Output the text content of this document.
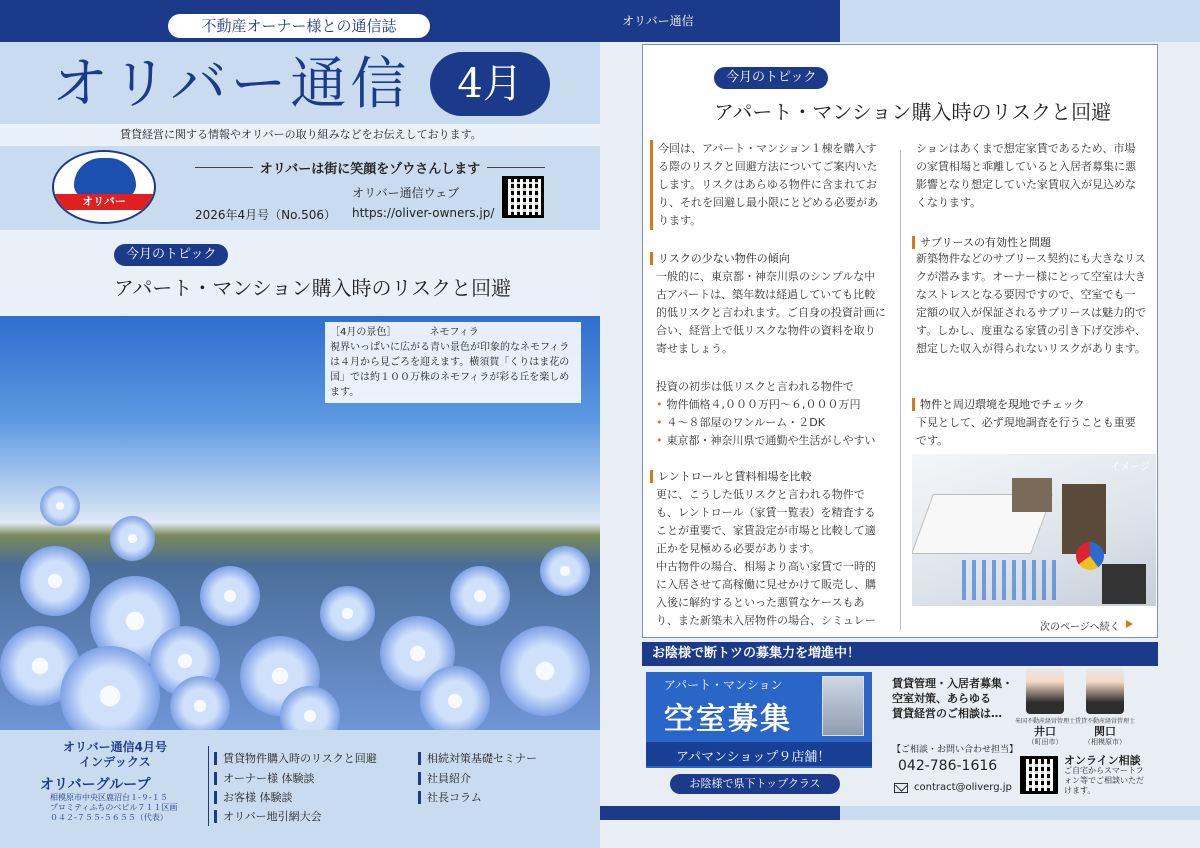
不動産オーナー様との通信誌
オリバー通信	4月
賃貸経営に関する情報やオリバーの取り組みなどをお伝えしております。
オリバー
オリバーは街に笑顔をゾウさんします
オリバー通信ウェブ
2026年4月号（No.506） https://oliver-owners.jp/
今月のトピック
アパート・マンション購入時のリスクと回避
［4月の景色］	ネモフィラ
視界いっぱいに広がる青い景色が印象的なネモフィラは４月から見ごろを迎えます。横須賀「くりはま花の国」では約１００万株のネモフィラが彩る丘を楽しめます。
オリバー通信4月号
インデックス
オリバーグループ
相模原市中央区鹿沼台１-９-１５
プロミティふちのべビル７１１区画
０４２-７５５-５６５５（代表）
賃貸物件購入時のリスクと回避
オーナー様 体験談
お客様 体験談
オリバー地引網大会
相続対策基礎セミナー
社員紹介
社長コラム
オリバー通信
今月のトピック
アパート・マンション購入時のリスクと回避
今回は、アパート・マンション１棟を購入する際のリスクと回避方法についてご案内いたします。リスクはあらゆる物件に含まれており、それを回避し最小限にとどめる必要があります。
リスクの少ない物件の傾向
一般的に、東京都・神奈川県のシンプルな中古アパートは、築年数は経過していても比較的低リスクと言われます。ご自身の投資計画に合い、経営上で低リスクな物件の資料を取り寄せましょう。
投資の初歩は低リスクと言われる物件で
• 物件価格４,０００万円〜６,０００万円
• ４〜８部屋のワンルーム・２DK
• 東京都・神奈川県で通勤や生活がしやすい
レントロールと賃料相場を比較
更に、こうした低リスクと言われる物件でも、レントロール（家賃一覧表）を精査することが重要で、家賃設定が市場と比較して適正かを見極める必要があります。
中古物件の場合、相場より高い家賃で一時的に入居させて高稼働に見せかけて販売し、購入後に解約するといった悪質なケースもあり、また新築未入居物件の場合、シミュレー
ションはあくまで想定家賃であるため、市場の家賃相場と乖離していると入居者募集に悪影響となり想定していた家賃収入が見込めなくなります。
サブリースの有効性と問題
新築物件などのサブリース契約にも大きなリスクが潜みます。オーナー様にとって空室は大きなストレスとなる要因ですので、空室でも一定額の収入が保証されるサブリースは魅力的です。しかし、度重なる家賃の引き下げ交渉や、想定した収入が得られないリスクがあります。
物件と周辺環境を現地でチェック
下見として、必ず現地調査を行うことも重要です。
イメージ
次のページへ続く
お陰様で断トツの募集力を増進中！
アパート・マンション
空室募集
アパマンショップ９店舗！
お陰様で県下トップクラス
賃貸管理・入居者募集・
空室対策、あらゆる
賃貸経営のご相談は…
【ご相談・お問い合わせ担当】
042-786-1616
contract@oliverg.jp
米国不動産経営管理士
井口
（町田市）
賃貸不動産経営管理士
関口
（相模原市）
オンライン相談
ご自宅からスマートフォン等でご相談いただけます。
